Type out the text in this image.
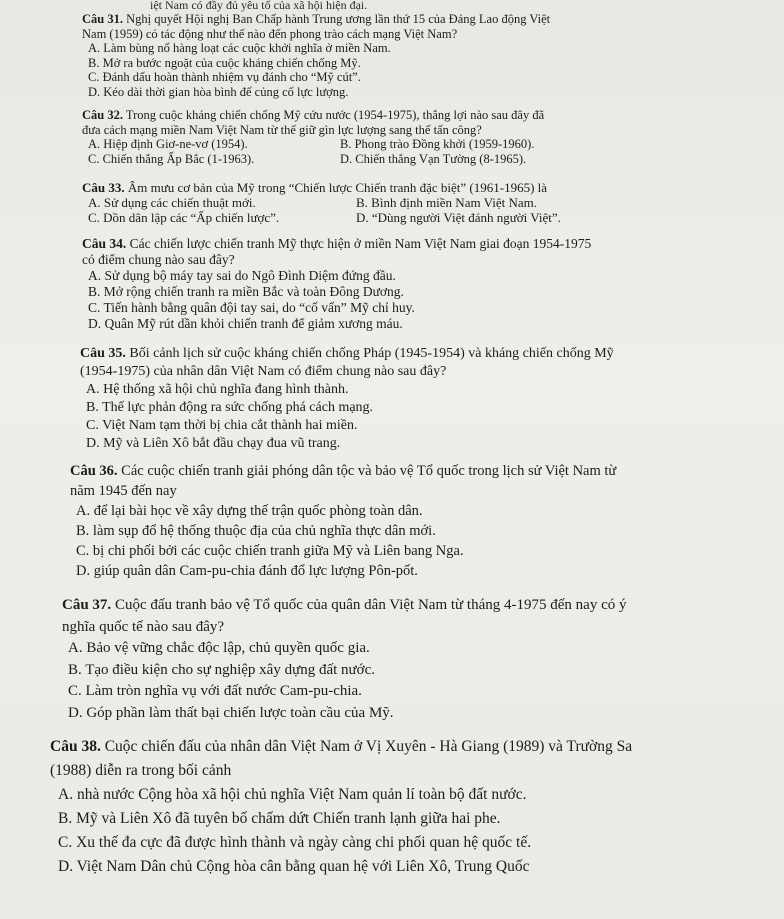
iệt Nam có đầy đủ yêu tố của xã hội hiện đại.

Câu 31. Nghị quyết Hội nghị Ban Chấp hành Trung ương lần thứ 15 của Đảng Lao động Việt

Nam (1959) có tác động như thế nào đến phong trào cách mạng Việt Nam?

A. Làm bùng nổ hàng loạt các cuộc khởi nghĩa ở miền Nam.

B. Mở ra bước ngoặt của cuộc kháng chiến chống Mỹ.

C. Đánh dấu hoàn thành nhiệm vụ đánh cho “Mỹ cút”.

D. Kéo dài thời gian hòa bình để củng cố lực lượng.

Câu 32. Trong cuộc kháng chiến chống Mỹ cứu nước (1954-1975), thắng lợi nào sau đây đã

đưa cách mạng miền Nam Việt Nam từ thế giữ gìn lực lượng sang thế tấn công?

A. Hiệp định Giơ-ne-vơ (1954).	B. Phong trào Đồng khởi (1959-1960).
C. Chiến thắng Ấp Bắc (1-1963).	D. Chiến thắng Vạn Tường (8-1965).

Câu 33. Âm mưu cơ bản của Mỹ trong “Chiến lược Chiến tranh đặc biệt” (1961-1965) là

A. Sử dụng các chiến thuật mới.	B. Bình định miền Nam Việt Nam.
C. Dồn dân lập các “Ấp chiến lược”.	D. “Dùng người Việt đánh người Việt”.

Câu 34. Các chiến lược chiến tranh Mỹ thực hiện ở miền Nam Việt Nam giai đoạn 1954-1975

có điểm chung nào sau đây?

A. Sử dụng bộ máy tay sai do Ngô Đình Diệm đứng đầu.

B. Mở rộng chiến tranh ra miền Bắc và toàn Đông Dương.

C. Tiến hành bằng quân đội tay sai, do “cố vấn” Mỹ chỉ huy.

D. Quân Mỹ rút dần khỏi chiến tranh để giảm xương máu.

Câu 35. Bối cảnh lịch sử cuộc kháng chiến chống Pháp (1945-1954) và kháng chiến chống Mỹ

(1954-1975) của nhân dân Việt Nam có điểm chung nào sau đây?

A. Hệ thống xã hội chủ nghĩa đang hình thành.

B. Thế lực phản động ra sức chống phá cách mạng.

C. Việt Nam tạm thời bị chia cắt thành hai miền.

D. Mỹ và Liên Xô bắt đầu chạy đua vũ trang.

Câu 36. Các cuộc chiến tranh giải phóng dân tộc và bảo vệ Tổ quốc trong lịch sử Việt Nam từ

năm 1945 đến nay

A. để lại bài học về xây dựng thế trận quốc phòng toàn dân.

B. làm sụp đổ hệ thống thuộc địa của chủ nghĩa thực dân mới.

C. bị chi phối bởi các cuộc chiến tranh giữa Mỹ và Liên bang Nga.

D. giúp quân dân Cam-pu-chia đánh đổ lực lượng Pôn-pốt.

Câu 37. Cuộc đấu tranh bảo vệ Tổ quốc của quân dân Việt Nam từ tháng 4-1975 đến nay có ý

nghĩa quốc tế nào sau đây?

A. Bảo vệ vững chắc độc lập, chủ quyền quốc gia.

B. Tạo điều kiện cho sự nghiệp xây dựng đất nước.

C. Làm tròn nghĩa vụ với đất nước Cam-pu-chia.

D. Góp phần làm thất bại chiến lược toàn cầu của Mỹ.

Câu 38. Cuộc chiến đấu của nhân dân Việt Nam ở Vị Xuyên - Hà Giang (1989) và Trường Sa

(1988) diễn ra trong bối cảnh

A. nhà nước Cộng hòa xã hội chủ nghĩa Việt Nam quản lí toàn bộ đất nước.

B. Mỹ và Liên Xô đã tuyên bố chấm dứt Chiến tranh lạnh giữa hai phe.

C. Xu thế đa cực đã được hình thành và ngày càng chi phối quan hệ quốc tế.

D. Việt Nam Dân chủ Cộng hòa cân bằng quan hệ với Liên Xô, Trung Quốc
